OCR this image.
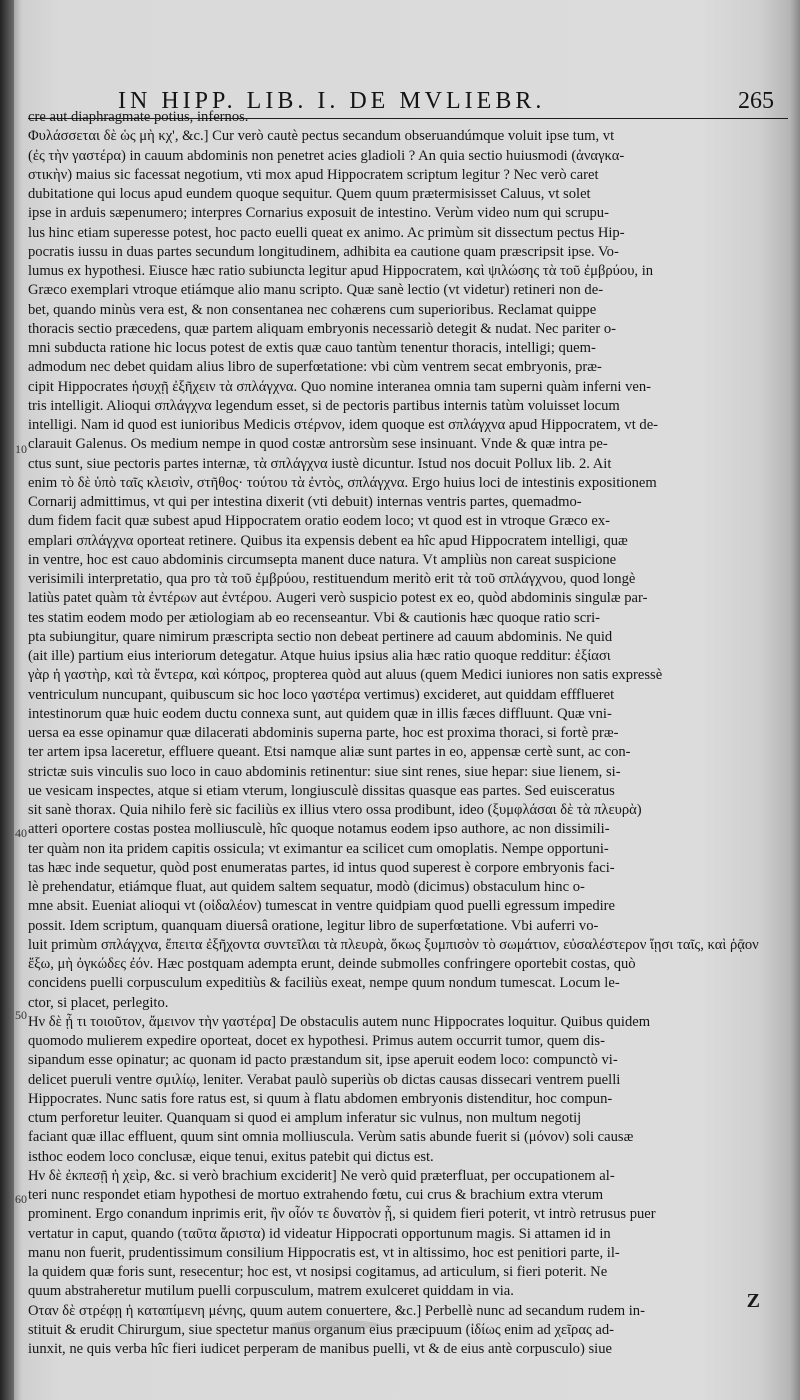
IN HIPP. LIB. I. DE MVLIEBR.	265
10
40
50
60
cre aut diaphragmate potius, infernos.
Φυλάσσεται δὲ ὡς μὴ κχ', &c.] Cur verò cautè pectus secandum obseruandúmque voluit ipse tum, vt
(ἐς τὴν γαστέρα) in cauum abdominis non penetret acies gladioli ? An quia sectio huiusmodi (ἀναγκα-
στικὴν) maius sic facessat negotium, vti mox apud Hippocratem scriptum legitur ? Nec verò caret
dubitatione qui locus apud eundem quoque sequitur. Quem quum prætermisisset Caluus, vt solet
ipse in arduis sæpenumero; interpres Cornarius exposuit de intestino. Verùm video num qui scrupu-
lus hinc etiam superesse potest, hoc pacto euelli queat ex animo. Ac primùm sit dissectum pectus Hip-
pocratis iussu in duas partes secundum longitudinem, adhibita ea cautione quam præscripsit ipse. Vo-
lumus ex hypothesi. Eiusce hæc ratio subiuncta legitur apud Hippocratem, καὶ ψιλώσης τὰ τοῦ ἐμβρύου, in
Græco exemplari vtroque etiámque alio manu scripto. Quæ sanè lectio (vt videtur) retineri non de-
bet, quando minùs vera est, & non consentanea nec cohærens cum superioribus. Reclamat quippe
thoracis sectio præcedens, quæ partem aliquam embryonis necessariò detegit & nudat. Nec pariter o-
mni subducta ratione hic locus potest de extis quæ cauo tantùm tenentur thoracis, intelligi; quem-
admodum nec debet quidam alius libro de superfœtatione: vbi cùm ventrem secat embryonis, præ-
cipit Hippocrates ἡσυχῇ ἐξῆχειν τὰ σπλάγχνα. Quo nomine interanea omnia tam superni quàm inferni ven-
tris intelligit. Alioqui σπλάγχνα legendum esset, si de pectoris partibus internis tatùm voluisset locum
intelligi. Nam id quod est iunioribus Medicis στέρνον, idem quoque est σπλάγχνα apud Hippocratem, vt de-
clarauit Galenus. Os medium nempe in quod costæ antrorsùm sese insinuant. Vnde & quæ intra pe-
ctus sunt, siue pectoris partes internæ, τὰ σπλάγχνα iustè dicuntur. Istud nos docuit Pollux lib. 2. Ait
enim τὸ δὲ ὑπὸ ταῖς κλεισὶν, στῆθος· τούτου τὰ ἐντὸς, σπλάγχνα. Ergo huius loci de intestinis expositionem
Cornarij admittimus, vt qui per intestina dixerit (vti debuit) internas ventris partes, quemadmo-
dum fidem facit quæ subest apud Hippocratem oratio eodem loco; vt quod est in vtroque Græco ex-
emplari σπλάγχνα oporteat retinere. Quibus ita expensis debent ea hîc apud Hippocratem intelligi, quæ
in ventre, hoc est cauo abdominis circumsepta manent duce natura. Vt ampliùs non careat suspicione
verisimili interpretatio, qua pro τὰ τοῦ ἐμβρύου, restituendum meritò erit τὰ τοῦ σπλάγχνου, quod longè
latiùs patet quàm τὰ ἐντέρων aut ἐντέρου. Augeri verò suspicio potest ex eo, quòd abdominis singulæ par-
tes statim eodem modo per ætiologiam ab eo recenseantur. Vbi & cautionis hæc quoque ratio scri-
pta subiungitur, quare nimirum præscripta sectio non debeat pertinere ad cauum abdominis. Ne quid
(ait ille) partium eius interiorum detegatur. Atque huius ipsius alia hæc ratio quoque redditur: ἐξίασι
γὰρ ἡ γαστὴρ, καὶ τὰ ἔντερα, καὶ κόπρος, propterea quòd aut aluus (quem Medici iuniores non satis expressè
ventriculum nuncupant, quibuscum sic hoc loco γαστέρα vertimus) excideret, aut quiddam effflueret
intestinorum quæ huic eodem ductu connexa sunt, aut quidem quæ in illis fæces diffluunt. Quæ vni-
uersa ea esse opinamur quæ dilacerati abdominis superna parte, hoc est proxima thoraci, si fortè præ-
ter artem ipsa laceretur, effluere queant. Etsi namque aliæ sunt partes in eo, appensæ certè sunt, ac con-
strictæ suis vinculis suo loco in cauo abdominis retinentur: siue sint renes, siue hepar: siue lienem, si-
ue vesicam inspectes, atque si etiam vterum, longiusculè dissitas quasque eas partes. Sed euisceratus
sit sanè thorax. Quia nihilo ferè sic faciliùs ex illius vtero ossa prodibunt, ideo (ξυμφλάσαι δὲ τὰ πλευρὰ)
atteri oportere costas postea molliusculè, hîc quoque notamus eodem ipso authore, ac non dissimili-
ter quàm non ita pridem capitis ossicula; vt eximantur ea scilicet cum omoplatis. Nempe opportuni-
tas hæc inde sequetur, quòd post enumeratas partes, id intus quod superest è corpore embryonis faci-
lè prehendatur, etiámque fluat, aut quidem saltem sequatur, modò (dicimus) obstaculum hinc o-
mne absit. Eueniat alioqui vt (οἰδαλέον) tumescat in ventre quidpiam quod puelli egressum impedire
possit. Idem scriptum, quanquam diuersâ oratione, legitur libro de superfœtatione. Vbi auferri vo-
luit primùm σπλάγχνα, ἔπειτα ἐξῆχοντα συντεῖλαι τὰ πλευρὰ, ὅκως ξυμπισὸν τὸ σωμάτιον, εὐσαλέστερον ἴῃσι ταῖς, καὶ ῥᾷον
ἔξω, μὴ ὀγκώδες ἐόν. Hæc postquam adempta erunt, deinde submolles confringere oportebit costas, quò
concidens puelli corpusculum expeditiùs & faciliùs exeat, nempe quum nondum tumescat. Locum le-
ctor, si placet, perlegito.
Ην δὲ ᾖ τι τοιοῦτον, ἄμεινον τὴν γαστέρα] De obstaculis autem nunc Hippocrates loquitur. Quibus quidem
quomodo mulierem expedire oporteat, docet ex hypothesi. Primus autem occurrit tumor, quem dis-
sipandum esse opinatur; ac quonam id pacto præstandum sit, ipse aperuit eodem loco: compunctò vi-
delicet pueruli ventre σμιλίῳ, leniter. Verabat paulò superiùs ob dictas causas dissecari ventrem puelli
Hippocrates. Nunc satis fore ratus est, si quum à flatu abdomen embryonis distenditur, hoc compun-
ctum perforetur leuiter. Quanquam si quod ei amplum inferatur sic vulnus, non multum negotij
faciant quæ illac effluent, quum sint omnia molliuscula. Verùm satis abunde fuerit si (μόνον) soli causæ
isthoc eodem loco conclusæ, eique tenui, exitus patebit qui dictus est.
Ην δὲ ἐκπεσῇ ἡ χεὶρ, &c. si verò brachium exciderit] Ne verò quid præterfluat, per occupationem al-
teri nunc respondet etiam hypothesi de mortuo extrahendo fœtu, cui crus & brachium extra vterum
prominent. Ergo conandum inprimis erit, ἢν οἷόν τε δυνατὸν ᾖ, si quidem fieri poterit, vt intrò retrusus puer
vertatur in caput, quando (ταῦτα ἄριστα) id videatur Hippocrati opportunum magis. Si attamen id in
manu non fuerit, prudentissimum consilium Hippocratis est, vt in altissimo, hoc est penitiori parte, il-
la quidem quæ foris sunt, resecentur; hoc est, vt nosipsi cogitamus, ad articulum, si fieri poterit. Ne
quum abstraheretur mutilum puelli corpusculum, matrem exulceret quiddam in via.
Οταν δὲ στρέφῃ ἡ καταπίμενη μένης, quum autem conuertere, &c.] Perbellè nunc ad secandum rudem in-
stituit & erudit Chirurgum, siue spectetur manus organum eius præcipuum (ἰδίως enim ad χεῖρας ad-
iunxit, ne quis verba hîc fieri iudicet perperam de manibus puelli, vt & de eius antè corpusculo) siue
Z
